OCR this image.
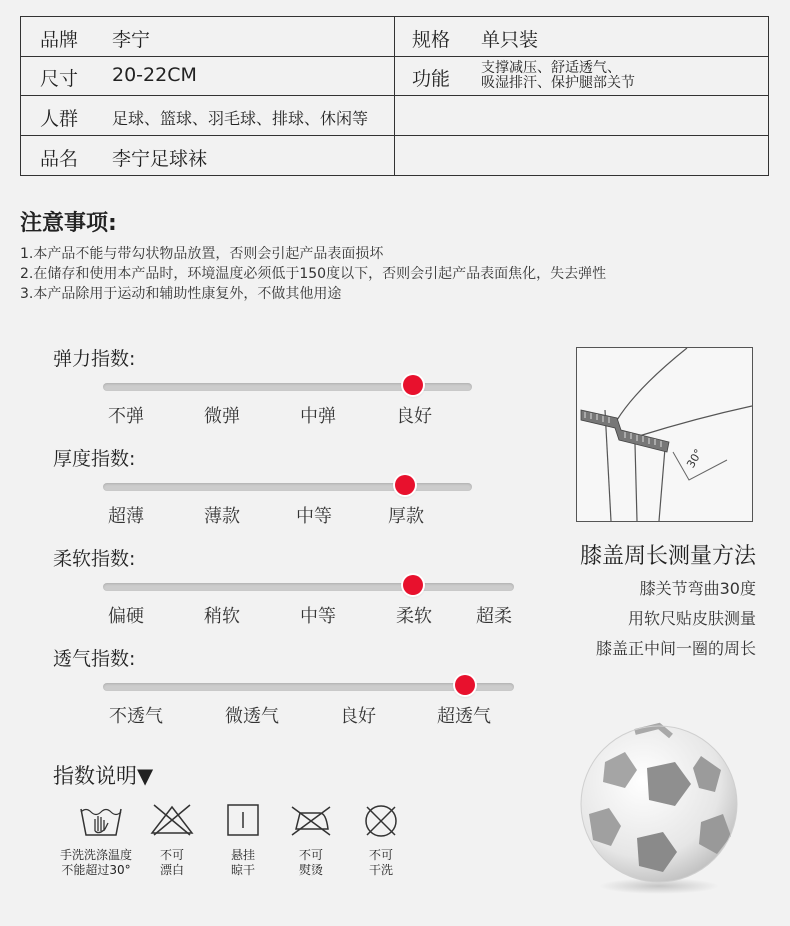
品牌 李宁	规格 单只装
尺寸 20-22CM	功能 支撑减压、舒适透气、
吸湿排汗、保护腿部关节
人群 足球、篮球、羽毛球、排球、休闲等
品名 李宁足球袜
注意事项:
1.本产品不能与带勾状物品放置，否则会引起产品表面损坏
2.在储存和使用本产品时，环境温度必须低于150度以下，否则会引起产品表面焦化，失去弹性
3.本产品除用于运动和辅助性康复外，不做其他用途
弹力指数:
不弹	微弹	中弹	良好
厚度指数:
超薄	薄款	中等	厚款
柔软指数:
偏硬	稍软	中等	柔软 超柔
透气指数:
不透气	微透气	良好	超透气
30°
膝盖周长测量方法
膝关节弯曲30度
用软尺贴皮肤测量
膝盖正中间一圈的周长
指数说明▼
手洗洗涤温度
不能超过30°
不可
漂白
悬挂
晾干
不可
熨烫
不可
干洗
